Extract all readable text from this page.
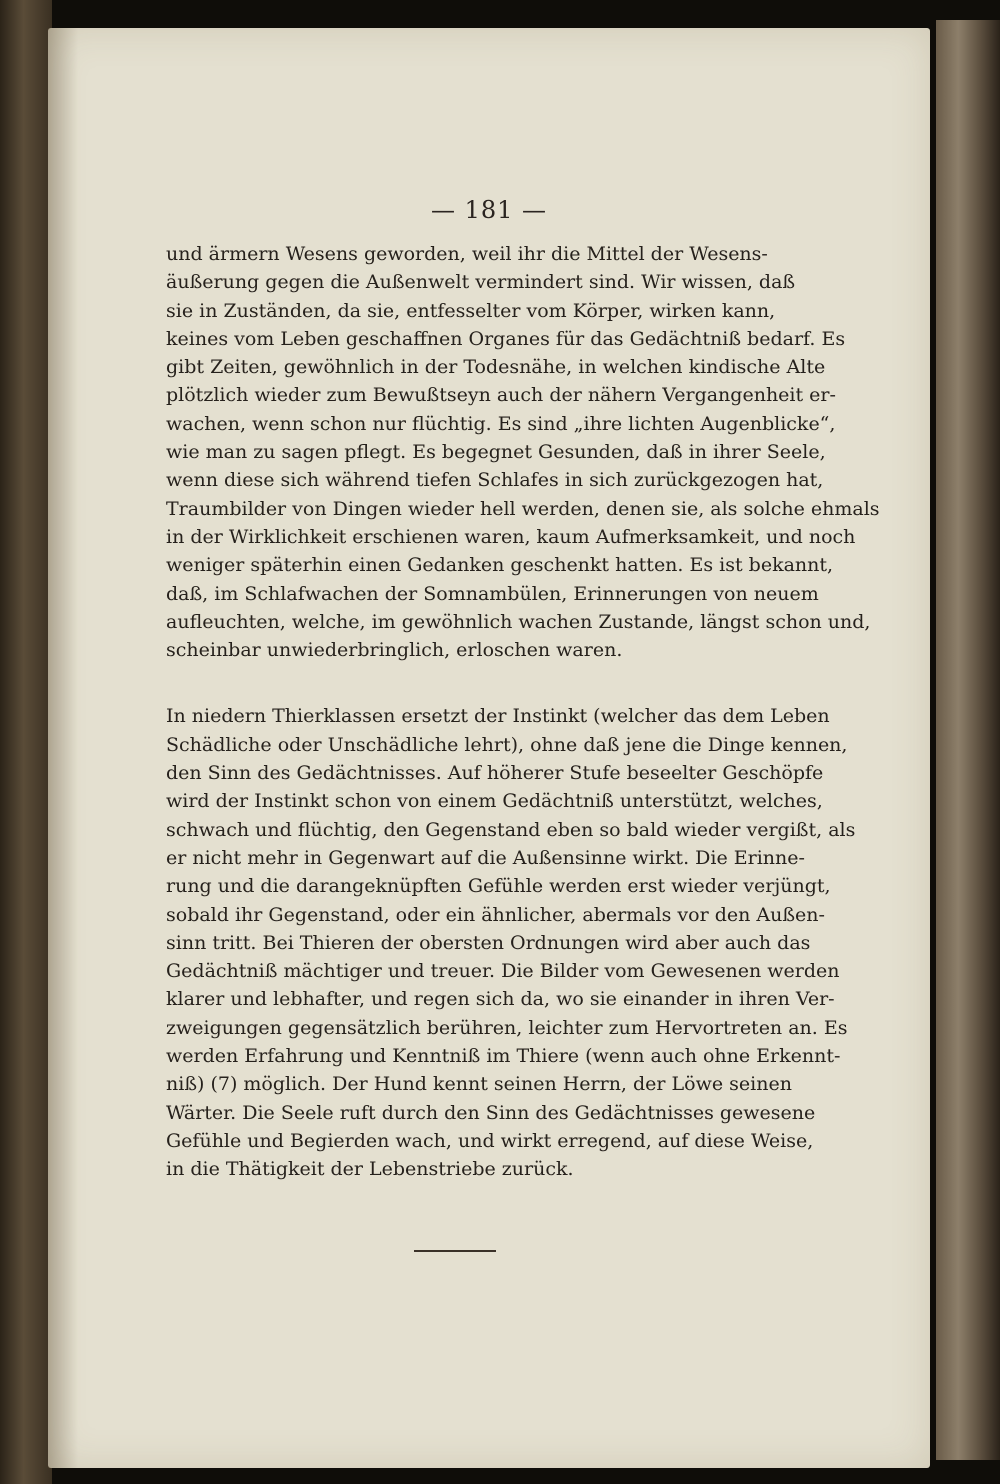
— 181 —

und ärmern Wesens geworden, weil ihr die Mittel der Wesens-
äußerung gegen die Außenwelt vermindert sind. Wir wissen, daß
sie in Zuständen, da sie, entfesselter vom Körper, wirken kann,
keines vom Leben geschaffnen Organes für das Gedächtniß bedarf. Es
gibt Zeiten, gewöhnlich in der Todesnähe, in welchen kindische Alte
plötzlich wieder zum Bewußtseyn auch der nähern Vergangenheit er-
wachen, wenn schon nur flüchtig. Es sind „ihre lichten Augenblicke“,
wie man zu sagen pflegt. Es begegnet Gesunden, daß in ihrer Seele,
wenn diese sich während tiefen Schlafes in sich zurückgezogen hat,
Traumbilder von Dingen wieder hell werden, denen sie, als solche ehmals
in der Wirklichkeit erschienen waren, kaum Aufmerksamkeit, und noch
weniger späterhin einen Gedanken geschenkt hatten. Es ist bekannt,
daß, im Schlafwachen der Somnambülen, Erinnerungen von neuem
aufleuchten, welche, im gewöhnlich wachen Zustande, längst schon und,
scheinbar unwiederbringlich, erloschen waren.

In niedern Thierklassen ersetzt der Instinkt (welcher das dem Leben
Schädliche oder Unschädliche lehrt), ohne daß jene die Dinge kennen,
den Sinn des Gedächtnisses. Auf höherer Stufe beseelter Geschöpfe
wird der Instinkt schon von einem Gedächtniß unterstützt, welches,
schwach und flüchtig, den Gegenstand eben so bald wieder vergißt, als
er nicht mehr in Gegenwart auf die Außensinne wirkt. Die Erinne-
rung und die darangeknüpften Gefühle werden erst wieder verjüngt,
sobald ihr Gegenstand, oder ein ähnlicher, abermals vor den Außen-
sinn tritt. Bei Thieren der obersten Ordnungen wird aber auch das
Gedächtniß mächtiger und treuer. Die Bilder vom Gewesenen werden
klarer und lebhafter, und regen sich da, wo sie einander in ihren Ver-
zweigungen gegensätzlich berühren, leichter zum Hervortreten an. Es
werden Erfahrung und Kenntniß im Thiere (wenn auch ohne Erkennt-
niß) (7) möglich. Der Hund kennt seinen Herrn, der Löwe seinen
Wärter. Die Seele ruft durch den Sinn des Gedächtnisses gewesene
Gefühle und Begierden wach, und wirkt erregend, auf diese Weise,
in die Thätigkeit der Lebenstriebe zurück.
